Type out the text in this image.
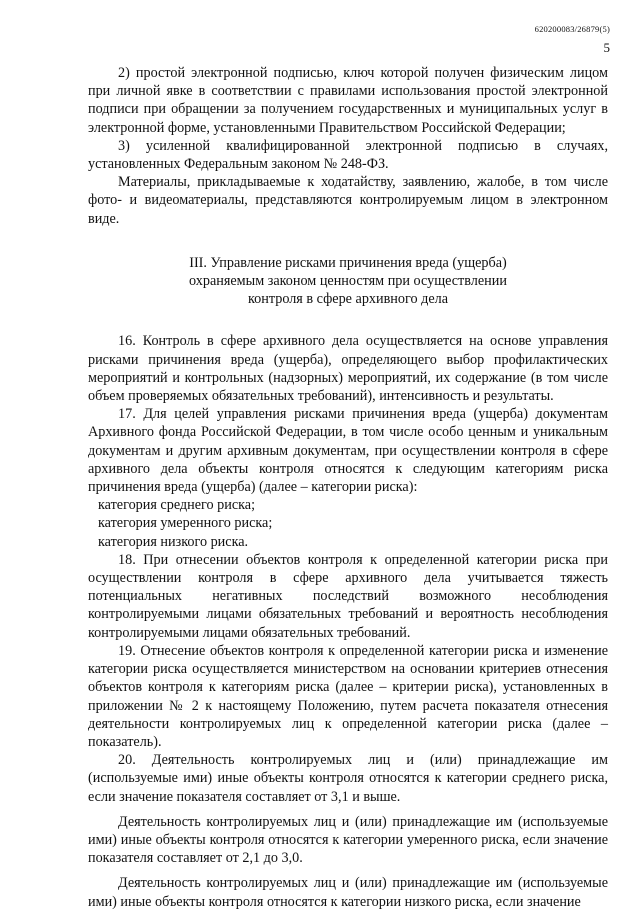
620200083/26879(5)
5

2) простой электронной подписью, ключ которой получен физическим лицом при личной явке в соответствии с правилами использования простой электронной подписи при обращении за получением государственных и муниципальных услуг в электронной форме, установленными Правительством Российской Федерации;

3) усиленной квалифицированной электронной подписью в случаях, установленных Федеральным законом № 248-ФЗ.

Материалы, прикладываемые к ходатайству, заявлению, жалобе, в том числе фото- и видеоматериалы, представляются контролируемым лицом в электронном виде.

III. Управление рисками причинения вреда (ущерба)
охраняемым законом ценностям при осуществлении
контроля в сфере архивного дела

16. Контроль в сфере архивного дела осуществляется на основе управления рисками причинения вреда (ущерба), определяющего выбор профилактических мероприятий и контрольных (надзорных) мероприятий, их содержание (в том числе объем проверяемых обязательных требований), интенсивность и результаты.

17. Для целей управления рисками причинения вреда (ущерба) документам Архивного фонда Российской Федерации, в том числе особо ценным и уникальным документам и другим архивным документам, при осуществлении контроля в сфере архивного дела объекты контроля относятся к следующим категориям риска причинения вреда (ущерба) (далее – категории риска):

категория среднего риска;

категория умеренного риска;

категория низкого риска.

18. При отнесении объектов контроля к определенной категории риска при осуществлении контроля в сфере архивного дела учитывается тяжесть потенциальных негативных последствий возможного несоблюдения контролируемыми лицами обязательных требований и вероятность несоблюдения контролируемыми лицами обязательных требований.

19. Отнесение объектов контроля к определенной категории риска и изменение категории риска осуществляется министерством на основании критериев отнесения объектов контроля к категориям риска (далее – критерии риска), установленных в приложении № 2 к настоящему Положению, путем расчета показателя отнесения деятельности контролируемых лиц к определенной категории риска (далее – показатель).

20. Деятельность контролируемых лиц и (или) принадлежащие им (используемые ими) иные объекты контроля относятся к категории среднего риска, если значение показателя составляет от 3,1 и выше.

Деятельность контролируемых лиц и (или) принадлежащие им (используемые ими) иные объекты контроля относятся к категории умеренного риска, если значение показателя составляет от 2,1 до 3,0.

Деятельность контролируемых лиц и (или) принадлежащие им (используемые ими) иные объекты контроля относятся к категории низкого риска, если значение
